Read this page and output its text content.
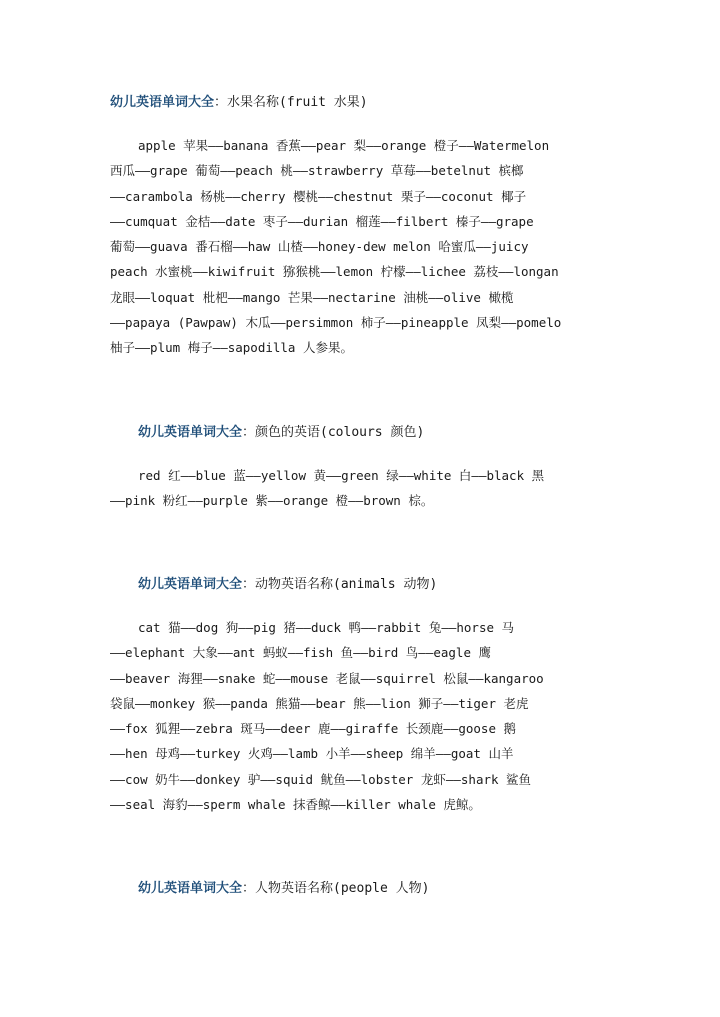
幼儿英语单词大全：水果名称(fruit 水果)
apple 苹果——banana 香蕉——pear 梨——orange 橙子——Watermelon
西瓜——grape 葡萄——peach 桃——strawberry 草莓——betelnut 槟榔
——carambola 杨桃——cherry 樱桃——chestnut 栗子——coconut 椰子
——cumquat 金桔——date 枣子——durian 榴莲——filbert 榛子——grape
葡萄——guava 番石榴——haw 山楂——honey-dew melon 哈蜜瓜——juicy
peach 水蜜桃——kiwifruit 猕猴桃——lemon 柠檬——lichee 荔枝——longan
龙眼——loquat 枇杷——mango 芒果——nectarine 油桃——olive 橄榄
——papaya (Pawpaw) 木瓜——persimmon 柿子——pineapple 凤梨——pomelo
柚子——plum 梅子——sapodilla 人参果。
幼儿英语单词大全：颜色的英语(colours 颜色)
red 红——blue 蓝——yellow 黄——green 绿——white 白——black 黑
——pink 粉红——purple 紫——orange 橙——brown 棕。
幼儿英语单词大全：动物英语名称(animals 动物)
cat 猫——dog 狗——pig 猪——duck 鸭——rabbit 兔——horse 马
——elephant 大象——ant 蚂蚁——fish 鱼——bird 鸟——eagle 鹰
——beaver 海狸——snake 蛇——mouse 老鼠——squirrel 松鼠——kangaroo
袋鼠——monkey 猴——panda 熊猫——bear 熊——lion 狮子——tiger 老虎
——fox 狐狸——zebra 斑马——deer 鹿——giraffe 长颈鹿——goose 鹅
——hen 母鸡——turkey 火鸡——lamb 小羊——sheep 绵羊——goat 山羊
——cow 奶牛——donkey 驴——squid 鱿鱼——lobster 龙虾——shark 鲨鱼
——seal 海豹——sperm whale 抹香鲸——killer whale 虎鲸。
幼儿英语单词大全：人物英语名称(people 人物)
